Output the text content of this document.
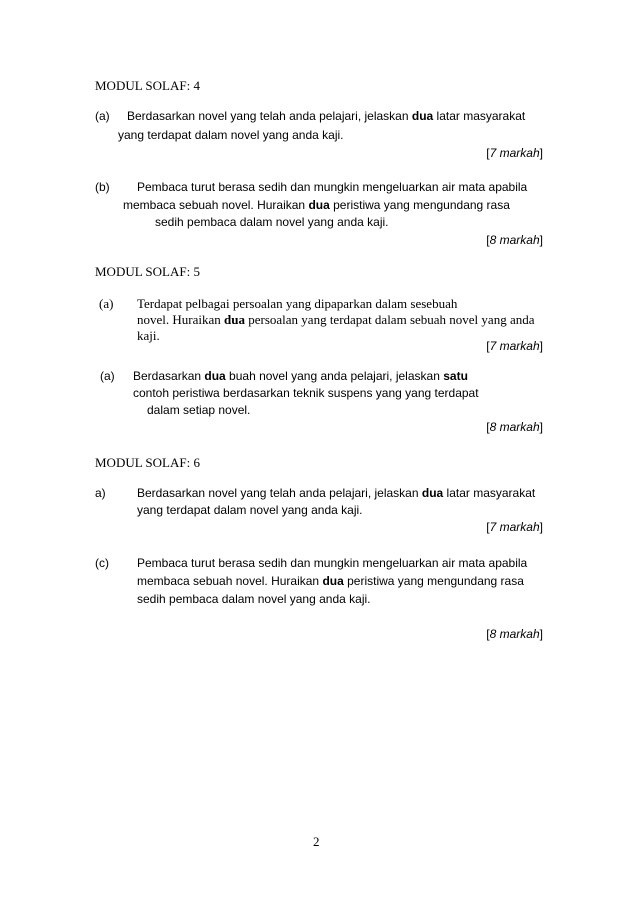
MODUL SOLAF: 4
(a) Berdasarkan novel yang telah anda pelajari, jelaskan dua latar masyarakat
yang terdapat dalam novel yang anda kaji.
[7 markah]
(b) Pembaca turut berasa sedih dan mungkin mengeluarkan air mata apabila
membaca sebuah novel. Huraikan dua peristiwa yang mengundang rasa
sedih pembaca dalam novel yang anda kaji.
[8 markah]
MODUL SOLAF: 5
(a) Terdapat pelbagai persoalan yang dipaparkan dalam sesebuah
novel. Huraikan dua persoalan yang terdapat dalam sebuah novel yang anda
kaji.
[7 markah]
(a) Berdasarkan dua buah novel yang anda pelajari, jelaskan satu
contoh peristiwa berdasarkan teknik suspens yang yang terdapat
dalam setiap novel.
[8 markah]
MODUL SOLAF: 6
a)	Berdasarkan novel yang telah anda pelajari, jelaskan dua latar masyarakat
yang terdapat dalam novel yang anda kaji.
[7 markah]
(c) Pembaca turut berasa sedih dan mungkin mengeluarkan air mata apabila
membaca sebuah novel. Huraikan dua peristiwa yang mengundang rasa
sedih pembaca dalam novel yang anda kaji.
[8 markah]
2
